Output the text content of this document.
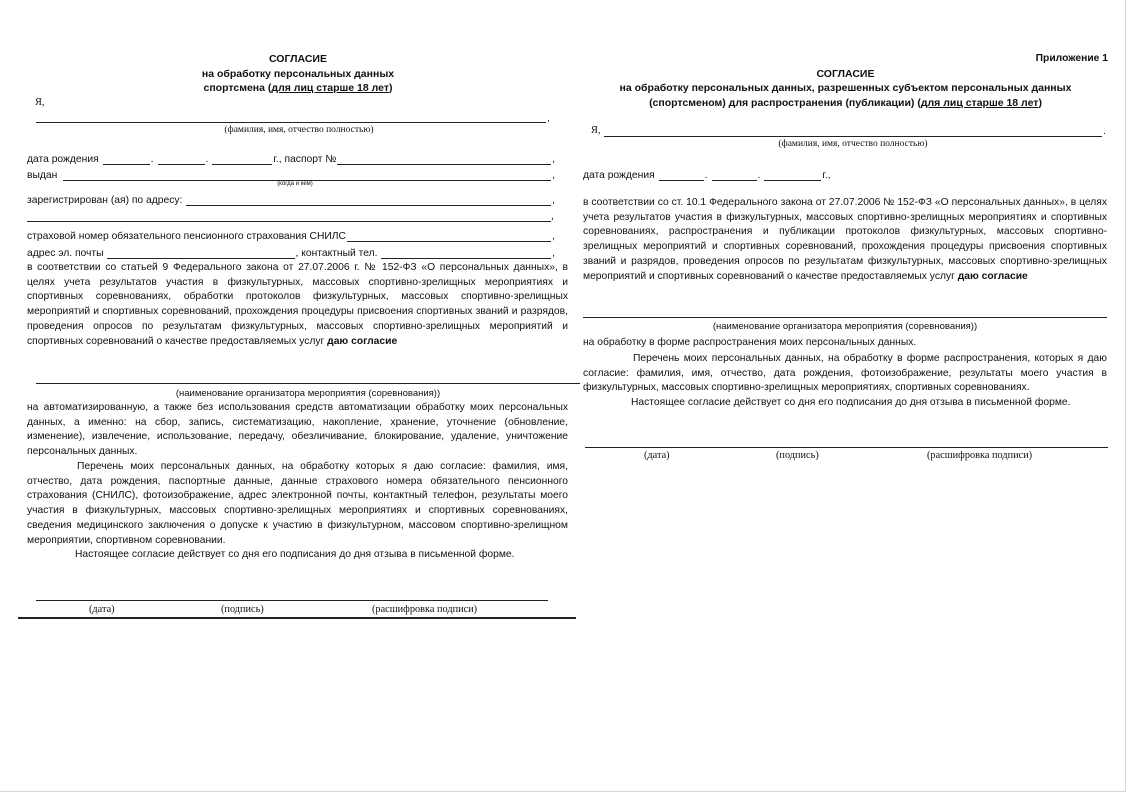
СОГЛАСИЕ
на обработку персональных данных
спортсмена (для лиц старше 18 лет)
Я,
,
(фамилия, имя, отчество полностью)
дата рождения	.	.	г., паспорт №	,
выдан	,
(когда и кем)
зарегистрирован (ая) по адресу:	,
,
страховой номер обязательного пенсионного страхования СНИЛС	,
адрес эл. почты	, контактный тел.	,
в соответствии со статьей 9 Федерального закона от 27.07.2006 г. № 152-ФЗ «О персональных данных», в целях учета результатов участия в физкультурных, массовых спортивно-зрелищных мероприятиях и спортивных соревнованиях, обработки протоколов физкультурных, массовых спортивно-зрелищных мероприятий и спортивных соревнований, прохождения процедуры присвоения спортивных званий и разрядов, проведения опросов по результатам физкультурных, массовых спортивно-зрелищных мероприятий и спортивных соревнований о качестве предоставляемых услуг даю согласие
(наименование организатора мероприятия (соревнования))
на автоматизированную, а также без использования средств автоматизации обработку моих персональных данных, а именно: на сбор, запись, систематизацию, накопление, хранение, уточнение (обновление, изменение), извлечение, использование, передачу, обезличивание, блокирование, удаление, уничтожение персональных данных.
Перечень моих персональных данных, на обработку которых я даю согласие: фамилия, имя, отчество, дата рождения, паспортные данные, данные страхового номера обязательного пенсионного страхования (СНИЛС), фотоизображение, адрес электронной почты, контактный телефон, результаты моего участия в физкультурных, массовых спортивно-зрелищных мероприятиях и спортивных соревнованиях, сведения медицинского заключения о допуске к участию в физкультурном, массовом спортивно-зрелищном мероприятии, спортивном соревновании.
Настоящее согласие действует со дня его подписания до дня отзыва в письменной форме.
(дата)	(подпись)	(расшифровка подписи)
Приложение 1
СОГЛАСИЕ
на обработку персональных данных, разрешенных субъектом персональных данных
(спортсменом) для распространения (публикации) (для лиц старше 18 лет)
Я,	.
(фамилия, имя, отчество полностью)
дата рождения	.	.	г.,
в соответствии со ст. 10.1 Федерального закона от 27.07.2006 № 152-ФЗ «О персональных данных», в целях учета результатов участия в физкультурных, массовых спортивно-зрелищных мероприятиях и спортивных соревнованиях, распространения и публикации протоколов физкультурных, массовых спортивно-зрелищных мероприятий и спортивных соревнований, прохождения процедуры присвоения спортивных званий и разрядов, проведения опросов по результатам физкультурных, массовых спортивно-зрелищных мероприятий и спортивных соревнований о качестве предоставляемых услуг даю согласие
(наименование организатора мероприятия (соревнования))
на обработку в форме распространения моих персональных данных.
Перечень моих персональных данных, на обработку в форме распространения, которых я даю согласие: фамилия, имя, отчество, дата рождения, фотоизображение, результаты моего участия в физкультурных, массовых спортивно-зрелищных мероприятиях, спортивных соревнованиях.
Настоящее согласие действует со дня его подписания до дня отзыва в письменной форме.
(дата)	(подпись)	(расшифровка подписи)
